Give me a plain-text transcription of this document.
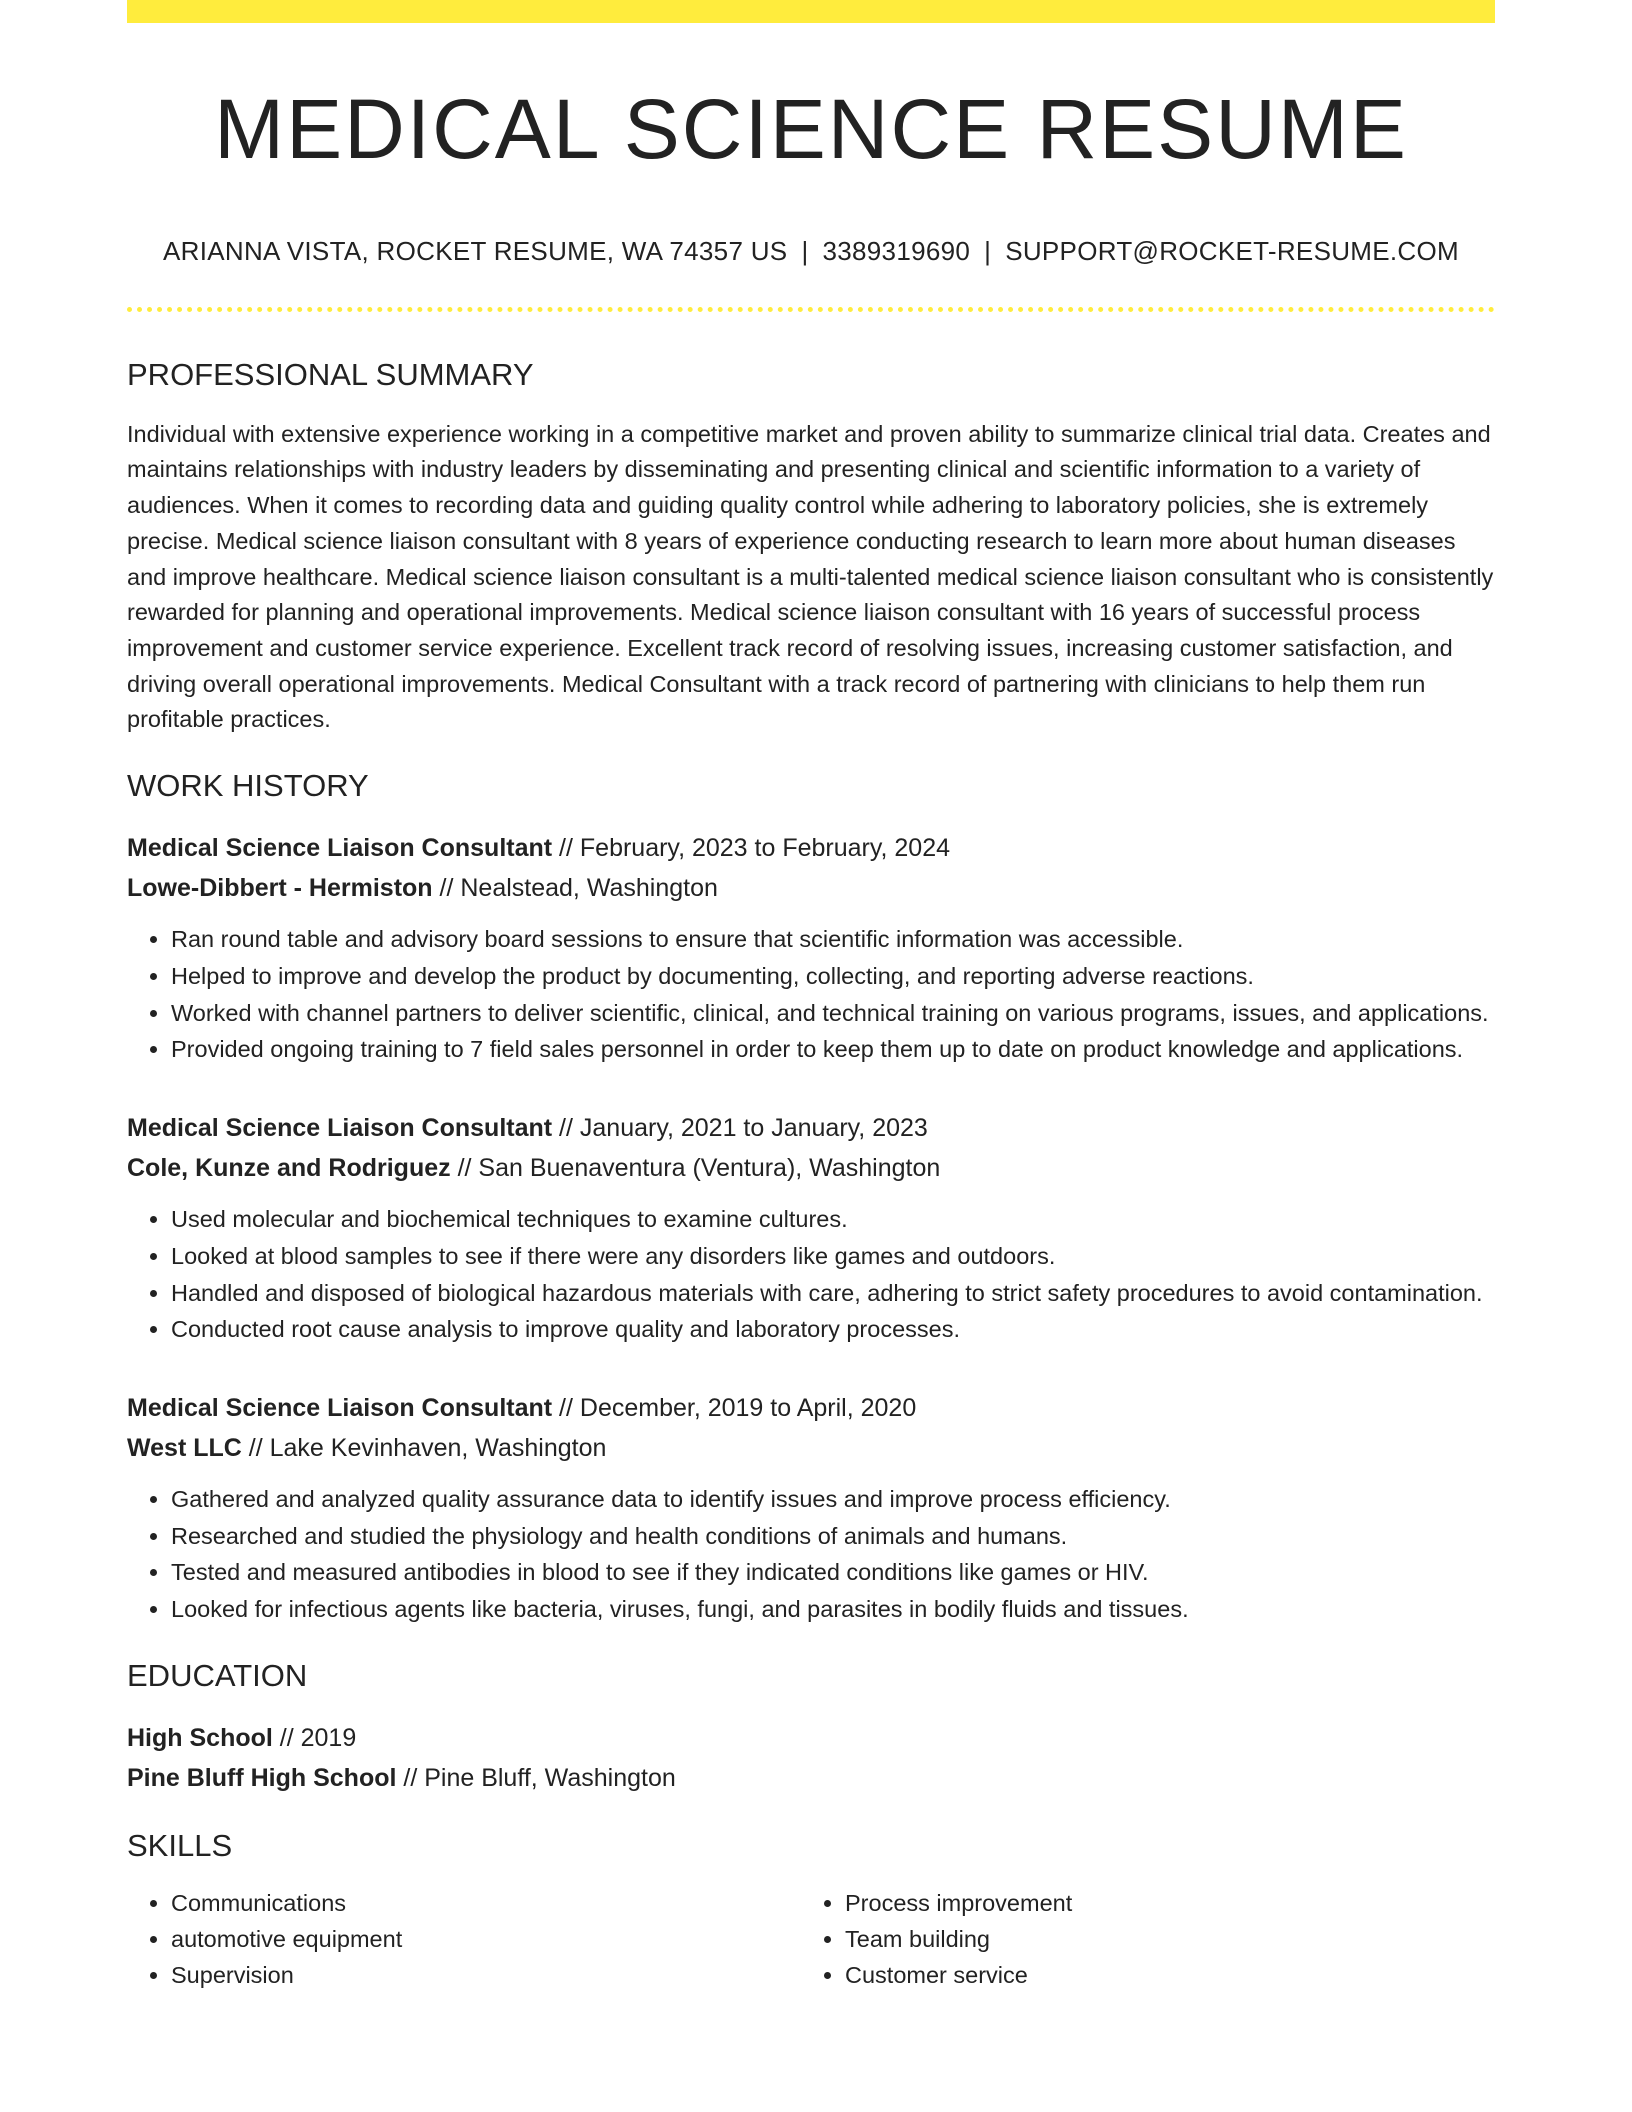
MEDICAL SCIENCE RESUME
ARIANNA VISTA, ROCKET RESUME, WA 74357 US | 3389319690 | SUPPORT@ROCKET-RESUME.COM
PROFESSIONAL SUMMARY

Individual with extensive experience working in a competitive market and proven ability to summarize clinical trial data. Creates and maintains relationships with industry leaders by disseminating and presenting clinical and scientific information to a variety of audiences. When it comes to recording data and guiding quality control while adhering to laboratory policies, she is extremely precise. Medical science liaison consultant with 8 years of experience conducting research to learn more about human diseases and improve healthcare. Medical science liaison consultant is a multi-talented medical science liaison consultant who is consistently rewarded for planning and operational improvements. Medical science liaison consultant with 16 years of successful process improvement and customer service experience. Excellent track record of resolving issues, increasing customer satisfaction, and driving overall operational improvements. Medical Consultant with a track record of partnering with clinicians to help them run profitable practices.

WORK HISTORY
Medical Science Liaison Consultant // February, 2023 to February, 2024
Lowe-Dibbert - Hermiston // Nealstead, Washington
• Ran round table and advisory board sessions to ensure that scientific information was accessible.
• Helped to improve and develop the product by documenting, collecting, and reporting adverse reactions.
• Worked with channel partners to deliver scientific, clinical, and technical training on various programs, issues, and applications.
• Provided ongoing training to 7 field sales personnel in order to keep them up to date on product knowledge and applications.
Medical Science Liaison Consultant // January, 2021 to January, 2023
Cole, Kunze and Rodriguez // San Buenaventura (Ventura), Washington
• Used molecular and biochemical techniques to examine cultures.
• Looked at blood samples to see if there were any disorders like games and outdoors.
• Handled and disposed of biological hazardous materials with care, adhering to strict safety procedures to avoid contamination.
• Conducted root cause analysis to improve quality and laboratory processes.
Medical Science Liaison Consultant // December, 2019 to April, 2020
West LLC // Lake Kevinhaven, Washington
• Gathered and analyzed quality assurance data to identify issues and improve process efficiency.
• Researched and studied the physiology and health conditions of animals and humans.
• Tested and measured antibodies in blood to see if they indicated conditions like games or HIV.
• Looked for infectious agents like bacteria, viruses, fungi, and parasites in bodily fluids and tissues.
EDUCATION
High School // 2019
Pine Bluff High School // Pine Bluff, Washington
SKILLS
• Communications
• automotive equipment
• Supervision
• Process improvement
• Team building
• Customer service
